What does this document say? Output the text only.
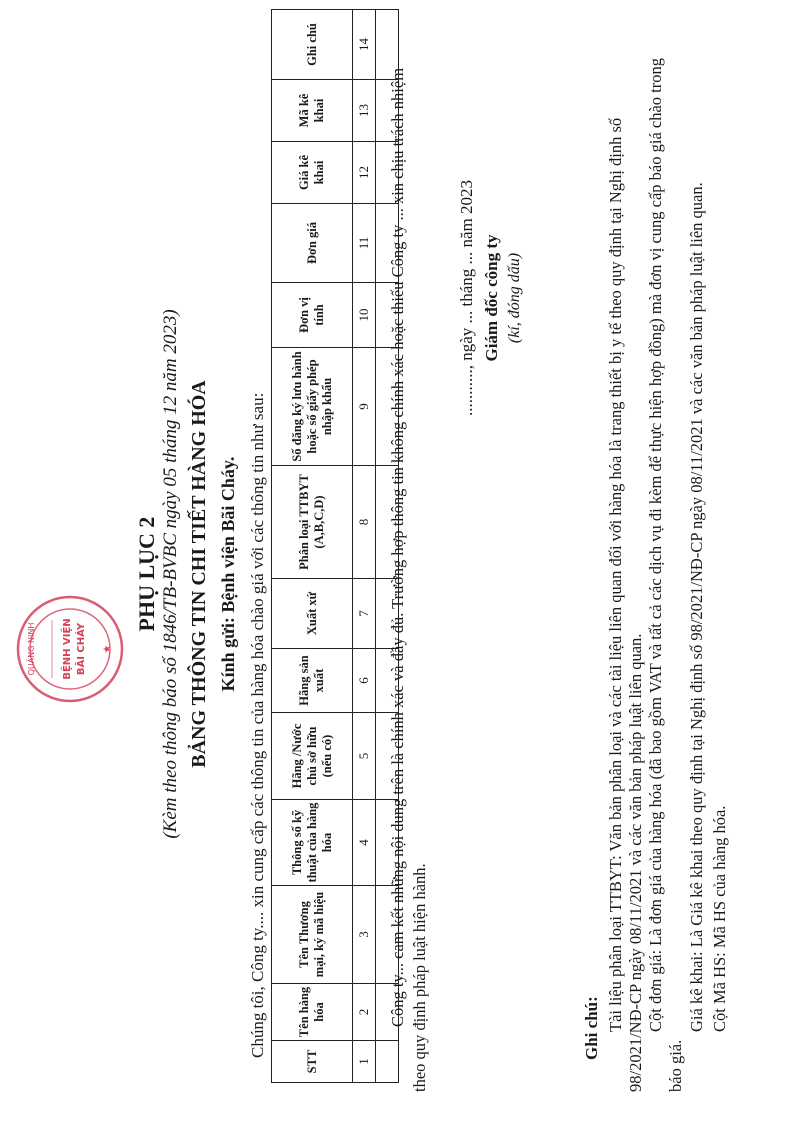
QUẢNG NINH	BỆNH VIỆN BÃI CHÁY ★
PHỤ LỤC 2 (Kèm theo thông báo số 1846/TB-BVBC ngày 05 tháng 12 năm 2023) BẢNG THÔNG TIN CHI TIẾT HÀNG HÓA Kính gửi: Bệnh viện Bãi Cháy. Chúng tôi, Công ty.... xin cung cấp các thông tin của hàng hóa chào giá với các thông tin như sau:
STT	Tên hàng hóa	Tên Thương mại, ký mã hiệu	Thông số kỹ thuật của hàng hóa	Hãng /Nước chủ sở hữu (nếu có)	Hãng sản xuất	Xuất xứ	Phân loại TTBYT (A,B,C,D)	Số đăng ký lưu hành hoặc số giấy phép nhập khẩu	Đơn vị tính	Đơn giá	Giá kê khai	Mã kê khai	Ghi chú
1	2	3	4	5	6	7	8	9	10	11	12	13	14

Công ty... cam kết những nội dung trên là chính xác và đầy đủ. Trường hợp thông tin không chính xác hoặc thiếu Công ty ... xin chịu trách nhiệm theo quy định pháp luật hiện hành.
..........., ngày ... tháng ... năm 2023 Giám đốc công ty (kí, đóng dấu)
Ghi chú: Tài liệu phân loại TTBYT: Văn bản phân loại và các tài liệu liên quan đối với hàng hóa là trang thiết bị y tế theo quy định tại Nghị định số 98/2021/NĐ-CP ngày 08/11/2021 và các văn bản pháp luật liên quan. Cột đơn giá: Là đơn giá của hàng hóa (đã bao gồm VAT và tất cả các dịch vụ đi kèm để thực hiện hợp đồng) mà đơn vị cung cấp báo giá chào trong báo giá.
Giá kê khai: Là Giá kê khai theo quy định tại Nghị định số 98/2021/NĐ-CP ngày 08/11/2021 và các văn bản pháp luật liên quan. Cột Mã HS: Mã HS của hàng hóa.
